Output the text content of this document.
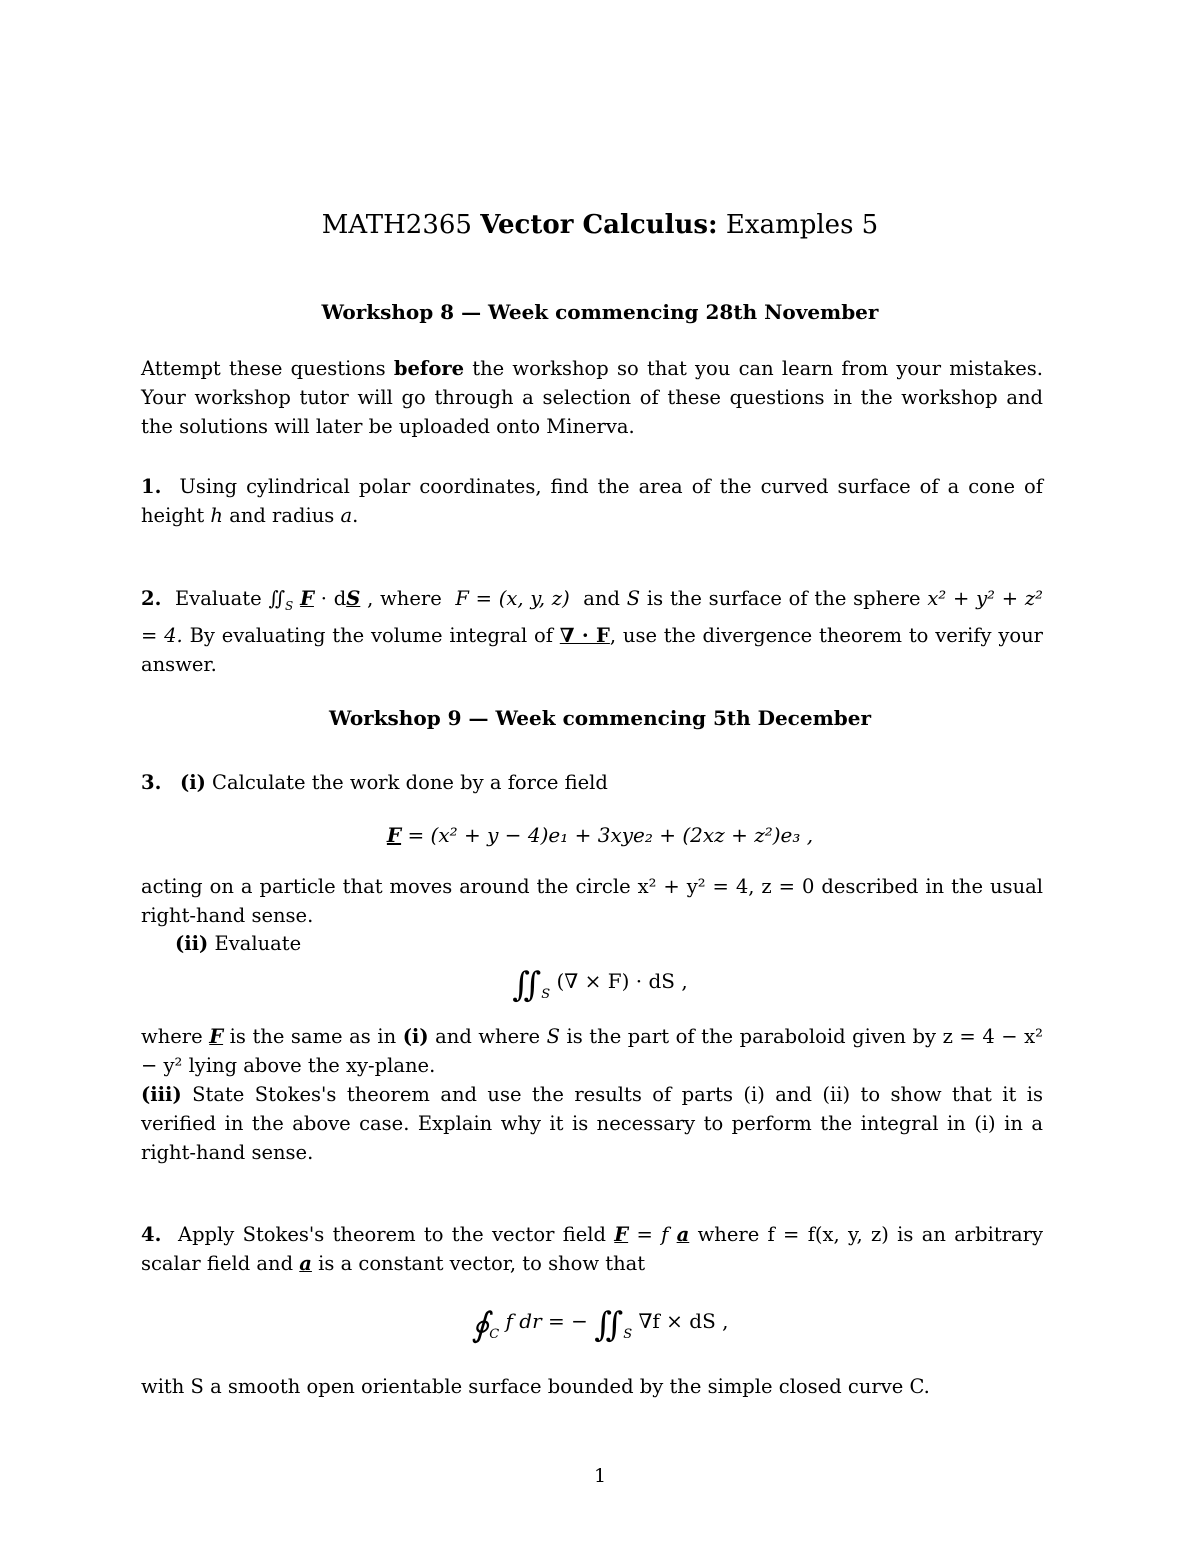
MATH2365 Vector Calculus: Examples 5
Workshop 8 — Week commencing 28th November
Attempt these questions before the workshop so that you can learn from your mistakes. Your workshop tutor will go through a selection of these questions in the workshop and the solutions will later be uploaded onto Minerva.
1. Using cylindrical polar coordinates, find the area of the curved surface of a cone of height h and radius a.
2. Evaluate $∬_S$ F · dS , where F = (x, y, z) and S is the surface of the sphere x² + y² + z² = 4. By evaluating the volume integral of ∇ · F, use the divergence theorem to verify your answer.
Workshop 9 — Week commencing 5th December
3. (i) Calculate the work done by a force field
F = (x² + y − 4)e₁ + 3xye₂ + (2xz + z²)e₃ ,
acting on a particle that moves around the circle x² + y² = 4, z = 0 described in the usual right-hand sense.
(ii) Evaluate
$∬_S$ (∇ × F) · dS ,
where F is the same as in (i) and where S is the part of the paraboloid given by z = 4 − x² − y² lying above the xy-plane.
(iii) State Stokes's theorem and use the results of parts (i) and (ii) to show that it is verified in the above case. Explain why it is necessary to perform the integral in (i) in a right-hand sense.
4. Apply Stokes's theorem to the vector field F = f a where f = f(x, y, z) is an arbitrary scalar field and a is a constant vector, to show that
$∮_C$ f dr = − $∬_S$ ∇f × dS ,
with S a smooth open orientable surface bounded by the simple closed curve C.
1
